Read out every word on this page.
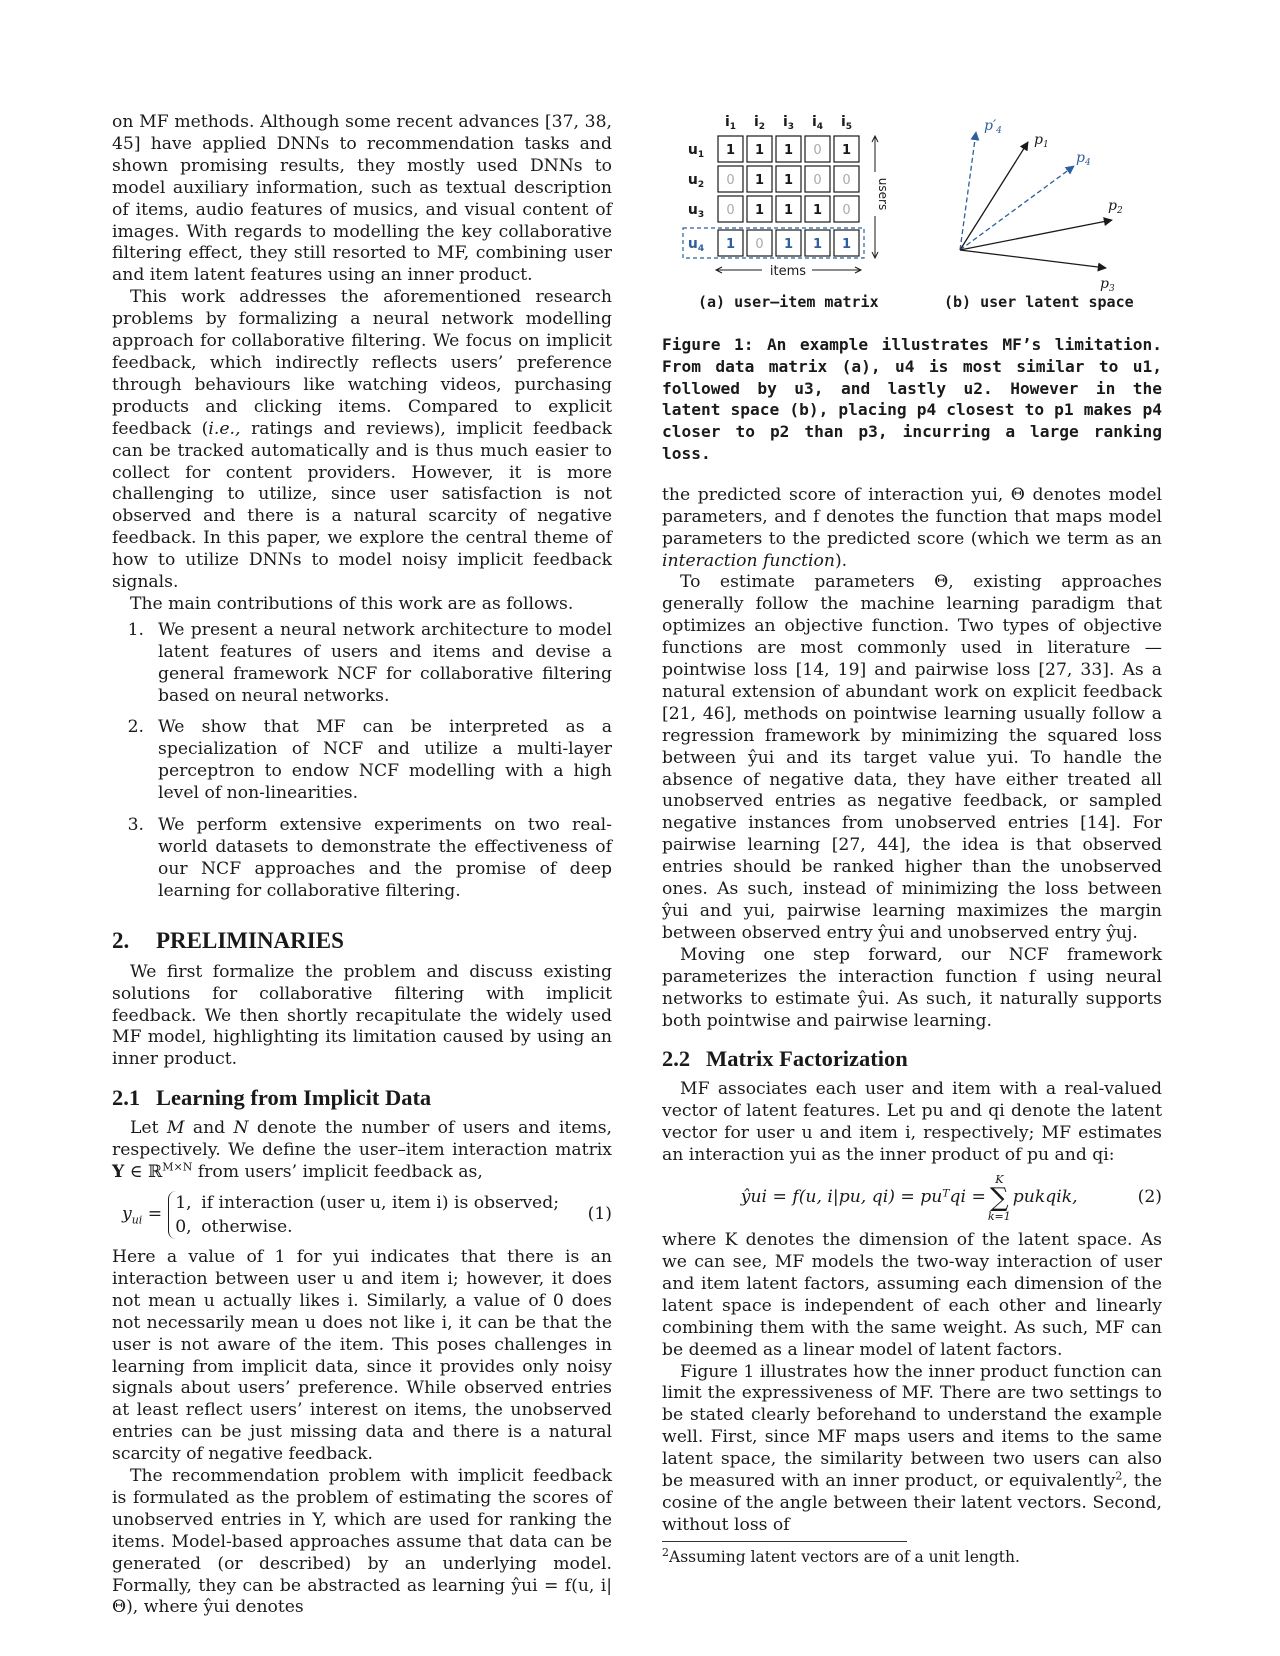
on MF methods. Although some recent advances [37, 38, 45] have applied DNNs to recommendation tasks and shown promising results, they mostly used DNNs to model auxiliary information, such as textual description of items, audio features of musics, and visual content of images. With regards to modelling the key collaborative filtering effect, they still resorted to MF, combining user and item latent features using an inner product.

This work addresses the aforementioned research problems by formalizing a neural network modelling approach for collaborative filtering. We focus on implicit feedback, which indirectly reflects users’ preference through behaviours like watching videos, purchasing products and clicking items. Compared to explicit feedback (i.e., ratings and reviews), implicit feedback can be tracked automatically and is thus much easier to collect for content providers. However, it is more challenging to utilize, since user satisfaction is not observed and there is a natural scarcity of negative feedback. In this paper, we explore the central theme of how to utilize DNNs to model noisy implicit feedback signals.

The main contributions of this work are as follows.

1. We present a neural network architecture to model latent features of users and items and devise a general framework NCF for collaborative filtering based on neural networks.
2. We show that MF can be interpreted as a specialization of NCF and utilize a multi-layer perceptron to endow NCF modelling with a high level of non-linearities.
3. We perform extensive experiments on two real-world datasets to demonstrate the effectiveness of our NCF approaches and the promise of deep learning for collaborative filtering.
2. PRELIMINARIES

We first formalize the problem and discuss existing solutions for collaborative filtering with implicit feedback. We then shortly recapitulate the widely used MF model, highlighting its limitation caused by using an inner product.

2.1 Learning from Implicit Data

Let M and N denote the number of users and items, respectively. We define the user–item interaction matrix Y ∈ ℝ$^{M\times N}$ from users’ implicit feedback as,

$y_{ui}$ =
1, if interaction (user u, item i) is observed;
0, otherwise.
(1)

Here a value of 1 for yui indicates that there is an interaction between user u and item i; however, it does not mean u actually likes i. Similarly, a value of 0 does not necessarily mean u does not like i, it can be that the user is not aware of the item. This poses challenges in learning from implicit data, since it provides only noisy signals about users’ preference. While observed entries at least reflect users’ interest on items, the unobserved entries can be just missing data and there is a natural scarcity of negative feedback.

The recommendation problem with implicit feedback is formulated as the problem of estimating the scores of unobserved entries in Y, which are used for ranking the items. Model-based approaches assume that data can be generated (or described) by an underlying model. Formally, they can be abstracted as learning ŷui = f(u, i|Θ), where ŷui denotes

$i_1$ $i_2$ $i_3$ $i_4$ $i_5$
$u_1$
$u_2$
$u_3$
$u_4$
1 1 1 0 1
0 1 1 0 0
0 1 1 1 0
1 0 1 1 1
users
items
$p'_4$
$p_1$
$p_4$
$p_2$
$p_3$
(a) user–item matrix	(b) user latent space

Figure 1: An example illustrates MF’s limitation. From data matrix (a), u4 is most similar to u1, followed by u3, and lastly u2. However in the latent space (b), placing p4 closest to p1 makes p4 closer to p2 than p3, incurring a large ranking loss.

the predicted score of interaction yui, Θ denotes model parameters, and f denotes the function that maps model parameters to the predicted score (which we term as an interaction function).

To estimate parameters Θ, existing approaches generally follow the machine learning paradigm that optimizes an objective function. Two types of objective functions are most commonly used in literature — pointwise loss [14, 19] and pairwise loss [27, 33]. As a natural extension of abundant work on explicit feedback [21, 46], methods on pointwise learning usually follow a regression framework by minimizing the squared loss between ŷui and its target value yui. To handle the absence of negative data, they have either treated all unobserved entries as negative feedback, or sampled negative instances from unobserved entries [14]. For pairwise learning [27, 44], the idea is that observed entries should be ranked higher than the unobserved ones. As such, instead of minimizing the loss between ŷui and yui, pairwise learning maximizes the margin between observed entry ŷui and unobserved entry ŷuj.

Moving one step forward, our NCF framework parameterizes the interaction function f using neural networks to estimate ŷui. As such, it naturally supports both pointwise and pairwise learning.

2.2 Matrix Factorization

MF associates each user and item with a real-valued vector of latent features. Let pu and qi denote the latent vector for user u and item i, respectively; MF estimates an interaction yui as the inner product of pu and qi:

ŷui = f(u, i|pu, qi) = puᵀqi =
K
∑
k=1
pukqik,	(2)

where K denotes the dimension of the latent space. As we can see, MF models the two-way interaction of user and item latent factors, assuming each dimension of the latent space is independent of each other and linearly combining them with the same weight. As such, MF can be deemed as a linear model of latent factors.

Figure 1 illustrates how the inner product function can limit the expressiveness of MF. There are two settings to be stated clearly beforehand to understand the example well. First, since MF maps users and items to the same latent space, the similarity between two users can also be measured with an inner product, or equivalently$^2$, the cosine of the angle between their latent vectors. Second, without loss of

$^2$Assuming latent vectors are of a unit length.
